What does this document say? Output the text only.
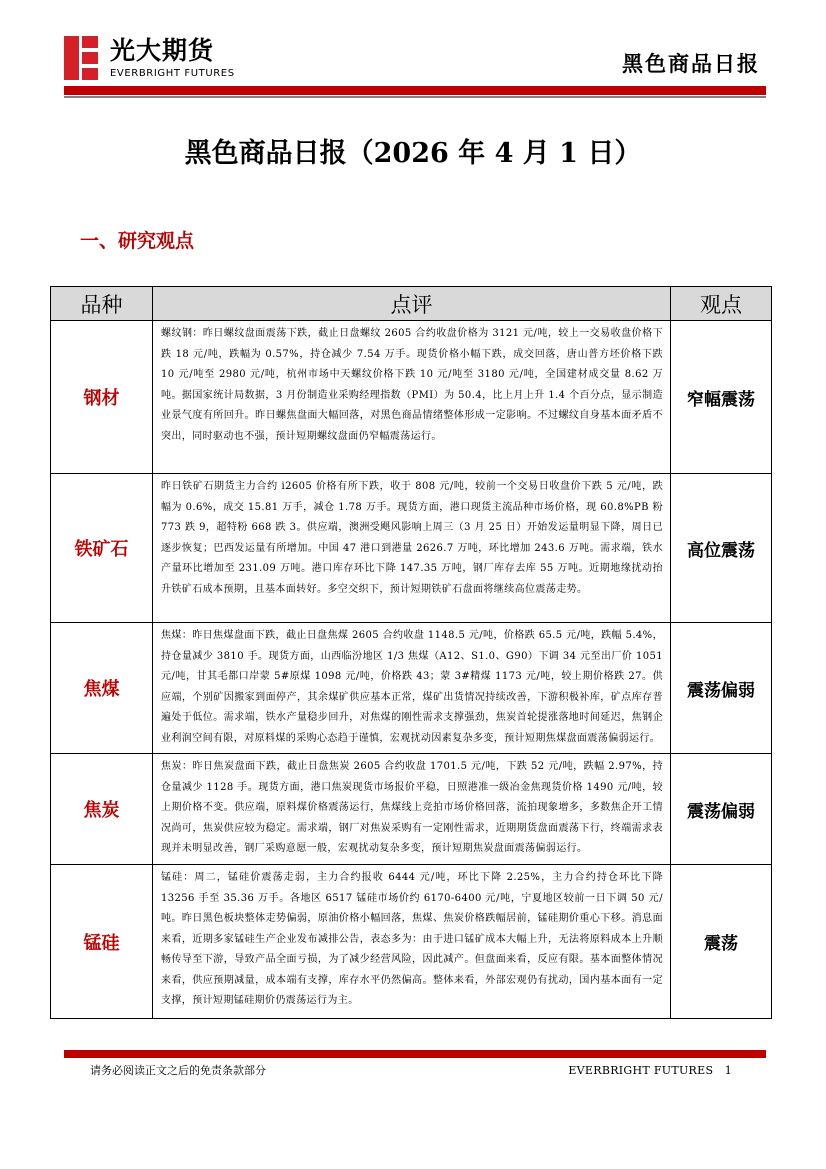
光大期货
EVERBRIGHT FUTURES	黑色商品日报
黑色商品日报（2026 年 4 月 1 日）
一、研究观点
品种	点评	观点
钢材	螺纹钢：昨日螺纹盘面震荡下跌，截止日盘螺纹 2605 合约收盘价格为 3121 元/吨，较上一交易收盘价格下跌 18 元/吨，跌幅为 0.57%，持仓减少 7.54 万手。现货价格小幅下跌，成交回落，唐山普方坯价格下跌 10 元/吨至 2980 元/吨，杭州市场中天螺纹价格下跌 10 元/吨至 3180 元/吨，全国建材成交量 8.62 万吨。据国家统计局数据，3 月份制造业采购经理指数（PMI）为 50.4，比上月上升 1.4 个百分点，显示制造业景气度有所回升。昨日螺焦盘面大幅回落，对黑色商品情绪整体形成一定影响。不过螺纹自身基本面矛盾不突出，同时驱动也不强，预计短期螺纹盘面仍窄幅震荡运行。	窄幅震荡
铁矿石	昨日铁矿石期货主力合约 i2605 价格有所下跌，收于 808 元/吨，较前一个交易日收盘价下跌 5 元/吨，跌幅为 0.6%，成交 15.81 万手，减仓 1.78 万手。现货方面，港口现货主流品种市场价格，现 60.8%PB 粉 773 跌 9，超特粉 668 跌 3。供应端，澳洲受飓风影响上周三（3 月 25 日）开始发运量明显下降，周日已逐步恢复；巴西发运量有所增加。中国 47 港口到港量 2626.7 万吨，环比增加 243.6 万吨。需求端，铁水产量环比增加至 231.09 万吨。港口库存环比下降 147.35 万吨，钢厂库存去库 55 万吨。近期地缘扰动抬升铁矿石成本预期，且基本面转好。多空交织下，预计短期铁矿石盘面将继续高位震荡走势。	高位震荡
焦煤	焦煤：昨日焦煤盘面下跌，截止日盘焦煤 2605 合约收盘 1148.5 元/吨，价格跌 65.5 元/吨，跌幅 5.4%，持仓量减少 3810 手。现货方面，山西临汾地区 1/3 焦煤（A12、S1.0、G90）下调 34 元至出厂价 1051 元/吨，甘其毛都口岸蒙 5#原煤 1098 元/吨，价格跌 43；蒙 3#精煤 1173 元/吨，较上期价格跌 27。供应端，个别矿因搬家到面停产，其余煤矿供应基本正常，煤矿出货情况持续改善，下游积极补库，矿点库存普遍处于低位。需求端，铁水产量稳步回升，对焦煤的刚性需求支撑强劲，焦炭首轮提涨落地时间延迟，焦钢企业利润空间有限，对原料煤的采购心态趋于谨慎，宏观扰动因素复杂多变，预计短期焦煤盘面震荡偏弱运行。	震荡偏弱
焦炭	焦炭：昨日焦炭盘面下跌，截止日盘焦炭 2605 合约收盘 1701.5 元/吨，下跌 52 元/吨，跌幅 2.97%，持仓量减少 1128 手。现货方面，港口焦炭现货市场报价平稳，日照港准一级冶金焦现货价格 1490 元/吨，较上期价格不变。供应端，原料煤价格震荡运行，焦煤线上竞拍市场价格回落，流拍现象增多，多数焦企开工情况尚可，焦炭供应较为稳定。需求端，钢厂对焦炭采购有一定刚性需求，近期期货盘面震荡下行，终端需求表现并未明显改善，钢厂采购意愿一般，宏观扰动复杂多变，预计短期焦炭盘面震荡偏弱运行。	震荡偏弱
锰硅	锰硅：周二，锰硅价震荡走弱，主力合约报收 6444 元/吨，环比下降 2.25%，主力合约持仓环比下降 13256 手至 35.36 万手。各地区 6517 锰硅市场价约 6170-6400 元/吨，宁夏地区较前一日下调 50 元/吨。昨日黑色板块整体走势偏弱，原油价格小幅回落，焦煤、焦炭价格跌幅居前，锰硅期价重心下移。消息面来看，近期多家锰硅生产企业发布减排公告，表态多为：由于进口锰矿成本大幅上升，无法将原料成本上升顺畅传导至下游，导致产品全面亏损，为了减少经营风险，因此减产。但盘面来看，反应有限。基本面整体情况来看，供应预期减量，成本端有支撑，库存水平仍然偏高。整体来看，外部宏观仍有扰动，国内基本面有一定支撑，预计短期锰硅期价仍震荡运行为主。	震荡
请务必阅读正文之后的免责条款部分	EVERBRIGHT FUTURES 1
